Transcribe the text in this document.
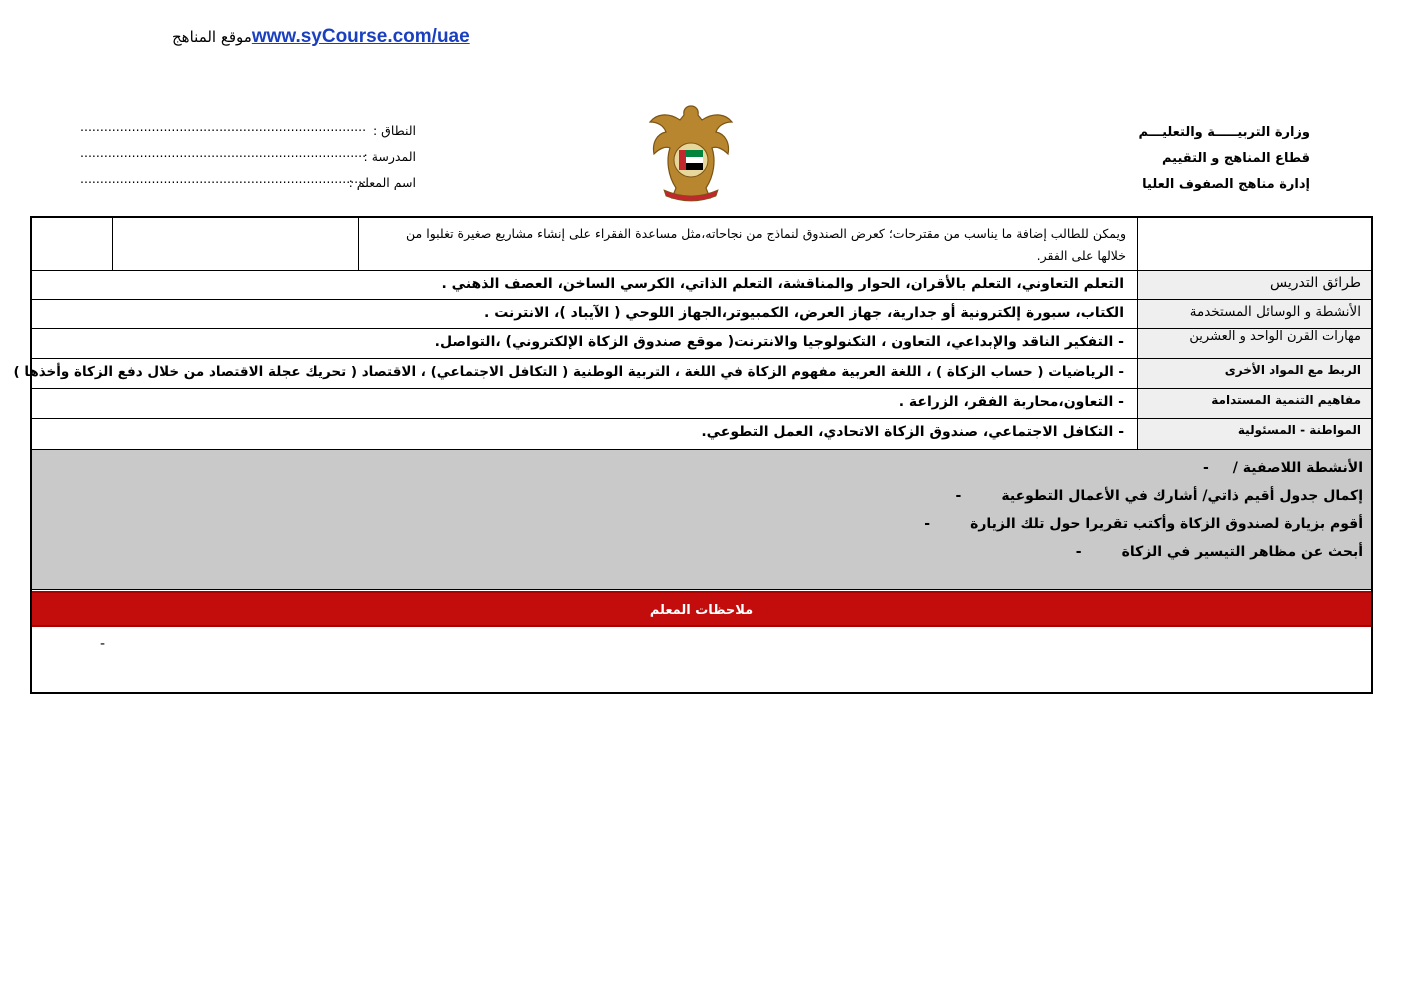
موقع المناهجwww.syCourse.com/uae
وزارة التربيـــــة والتعليـــم
قطاع المناهج و التقييم
إدارة مناهج الصفوف العليا
........................................................................ النطاق :
........................................................................
المدرسة :
........................................................................
اسم المعلم :
ويمكن للطالب إضافة ما يناسب من مقترحات؛ كعرض الصندوق لنماذج من نجاحاته،مثل مساعدة الفقراء على إنشاء مشاريع صغيرة تغلبوا من
خلالها على الفقر.
طرائق التدريس
التعلم التعاوني، التعلم بالأقران، الحوار والمناقشة، التعلم الذاتي، الكرسي الساخن، العصف الذهني .
الأنشطة و الوسائل المستخدمة
الكتاب، سبورة إلكترونية أو جدارية، جهاز العرض، الكمبيوتر،الجهاز اللوحي ( الآيباد )، الانترنت .
مهارات القرن الواحد و العشرين
- التفكير الناقد والإبداعي، التعاون ، التكنولوجيا والانترنت( موقع صندوق الزكاة الإلكتروني) ،التواصل.
الربط مع المواد الأخرى
- الرياضيات ( حساب الزكاة ) ، اللغة العربية مفهوم الزكاة في اللغة ، التربية الوطنية ( التكافل الاجتماعي) ، الاقتصاد ( تحريك عجلة الاقتصاد من خلال دفع الزكاة وأخذها )
مفاهيم التنمية المستدامة
- التعاون،محاربة الفقر، الزراعة .
المواطنة - المسئولية
- التكافل الاجتماعي، صندوق الزكاة الاتحادي، العمل التطوعي.
الأنشطة اللاصفية /-
إكمال جدول أقيم ذاتي/ أشارك في الأعمال التطوعية-
أقوم بزيارة لصندوق الزكاة وأكتب تقريرا حول تلك الزيارة-
أبحث عن مظاهر التيسير في الزكاة-
ملاحظات المعلم
-
